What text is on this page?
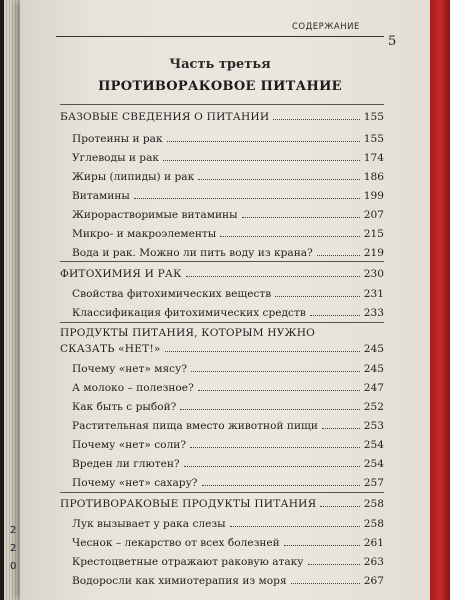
2
2
0
СОДЕРЖАНИЕ
5
Часть третья
ПРОТИВОРАКОВОЕ ПИТАНИЕ
БАЗОВЫЕ СВЕДЕНИЯ О ПИТАНИИ	155
Протеины и рак	155
Углеводы и рак	174
Жиры (липиды) и рак	186
Витамины	199
Жирорастворимые витамины	207
Микро- и макроэлементы	215
Вода и рак. Можно ли пить воду из крана?	219
ФИТОХИМИЯ И РАК	230
Свойства фитохимических веществ	231
Классификация фитохимических средств	233
ПРОДУКТЫ ПИТАНИЯ, КОТОРЫМ НУЖНО
СКАЗАТЬ «НЕТ!»	245
Почему «нет» мясу?	245
А молоко – полезное?	247
Как быть с рыбой?	252
Растительная пища вместо животной пищи	253
Почему «нет» соли?	254
Вреден ли глютен?	254
Почему «нет» сахару?	257
ПРОТИВОРАКОВЫЕ ПРОДУКТЫ ПИТАНИЯ	258
Лук вызывает у рака слезы	258
Чеснок – лекарство от всех болезней	261
Крестоцветные отражают раковую атаку	263
Водоросли как химиотерапия из моря	267
